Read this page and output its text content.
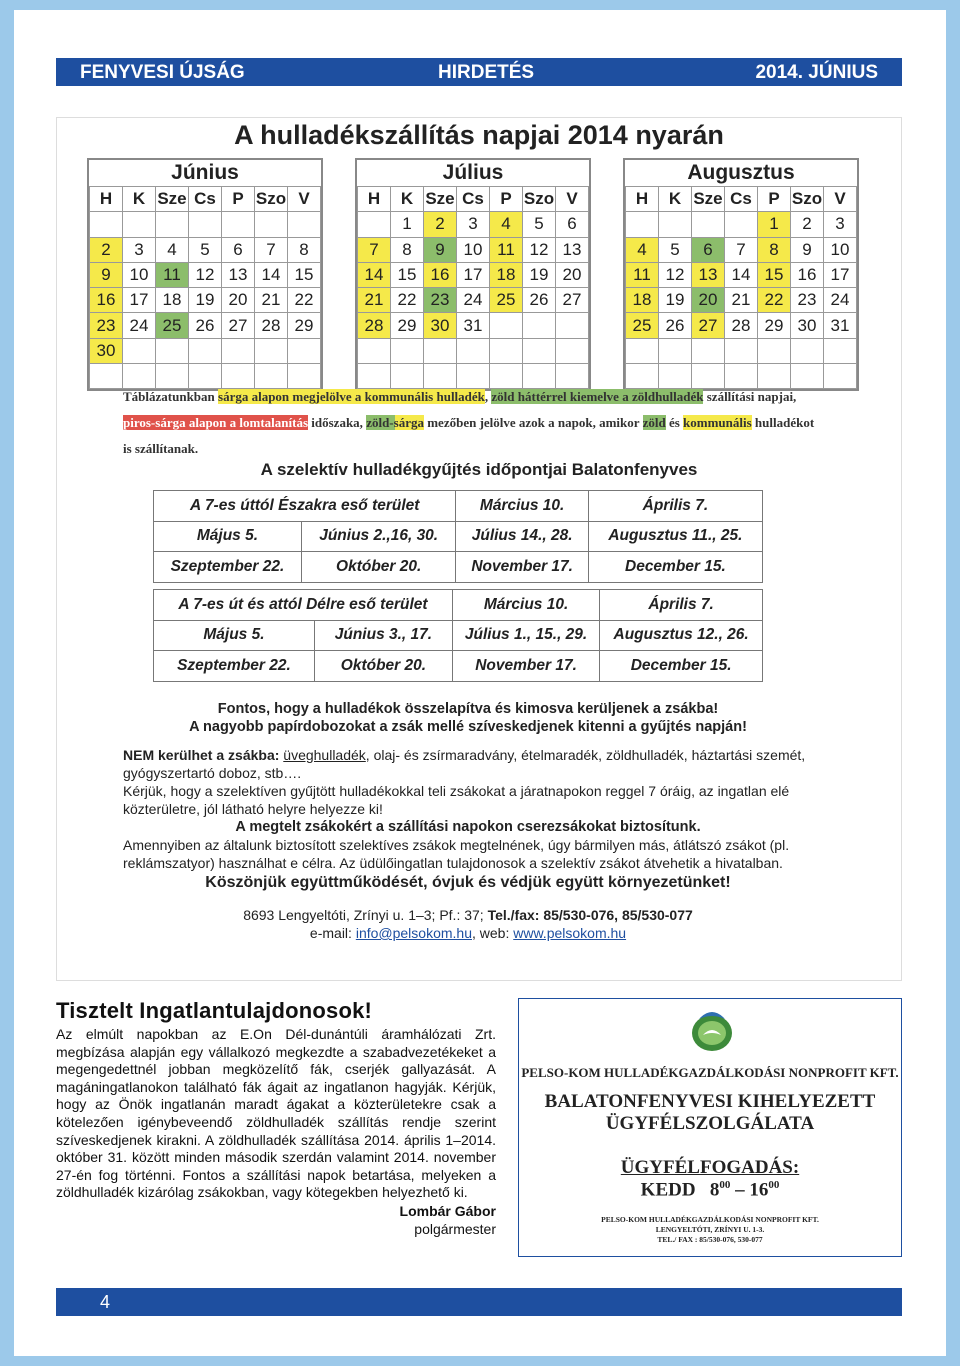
FENYVESI ÚJSÁG	HIRDETÉS	2014. JÚNIUS
A hulladékszállítás napjai 2014 nyarán
Június
H	K	Sze	Cs	P	Szo	V

2	3	4	5	6	7	8
9	10	11	12	13	14	15
16	17	18	19	20	21	22
23	24	25	26	27	28	29
30						

Július
H	K	Sze	Cs	P	Szo	V
	1	2	3	4	5	6
7	8	9	10	11	12	13
14	15	16	17	18	19	20
21	22	23	24	25	26	27
28	29	30	31			

Augusztus
H	K	Sze	Cs	P	Szo	V
				1	2	3
4	5	6	7	8	9	10
11	12	13	14	15	16	17
18	19	20	21	22	23	24
25	26	27	28	29	30	31

Táblázatunkban sárga alapon megjelölve a kommunális hulladék, zöld háttérrel kiemelve a zöldhulladék szállítási napjai, piros-sárga alapon a lomtalanítás időszaka, zöld-sárga mezőben jelölve azok a napok, amikor zöld és kommunális hulladékot is szállítanak.
A szelektív hulladékgyűjtés időpontjai Balatonfenyves
A 7-es úttól Északra eső terület		Március 10.	Április 7.
Május 5.	Június 2.,16, 30.	Július 14., 28.	Augusztus 11., 25.
Szeptember 22.	Október 20.	November 17.	December 15.
A 7-es út és attól Délre eső terület		Március 10.	Április 7.
Május 5.	Június 3., 17.	Július 1., 15., 29.	Augusztus 12., 26.
Szeptember 22.	Október 20.	November 17.	December 15.
Fontos, hogy a hulladékok összelapítva és kimosva kerüljenek a zsákba!
A nagyobb papírdobozokat a zsák mellé szíveskedjenek kitenni a gyűjtés napján!
NEM kerülhet a zsákba: üveghulladék, olaj- és zsírmaradvány, ételmaradék, zöldhulladék, háztartási szemét, gyógyszertartó doboz, stb….
Kérjük, hogy a szelektíven gyűjtött hulladékokkal teli zsákokat a járatnapokon reggel 7 óráig, az ingatlan elé közterületre, jól látható helyre helyezze ki!
A megtelt zsákokért a szállítási napokon cserezsákokat biztosítunk.
Amennyiben az általunk biztosított szelektíves zsákok megtelnének, úgy bármilyen más, átlátszó zsákot (pl. reklámszatyor) használhat e célra. Az üdülőingatlan tulajdonosok a szelektív zsákot átvehetik a hivatalban.
Köszönjük együttműködését, óvjuk és védjük együtt környezetünket!
8693 Lengyeltóti, Zrínyi u. 1–3; Pf.: 37; Tel./fax: 85/530-076, 85/530-077
e-mail: info@pelsokom.hu, web: www.pelsokom.hu
Tisztelt Ingatlantulajdonosok!
Az elmúlt napokban az E.On Dél-dunántúli áramhálózati Zrt. megbízása alapján egy vállalkozó megkezdte a szabadvezetékeket a megengedettnél jobban megközelítő fák, cserjék gallyazását. A magáningatlanokon található fák ágait az ingatlanon hagyják. Kérjük, hogy az Önök ingatlanán maradt ágakat a közterületekre csak a kötelezően igénybeveendő zöldhulladék szállítás rendje szerint szíveskedjenek kirakni. A zöldhulladék szállítása 2014. április 1–2014. október 31. között minden második szerdán valamint 2014. november 27-én fog történni. Fontos a szállítási napok betartása, melyeken a zöldhulladék kizárólag zsákokban, vagy kötegekben helyezhető ki.
Lombár Gábor
polgármester
PELSO-KOM HULLADÉKGAZDÁLKODÁSI NONPROFIT KFT.
BALATONFENYVESI KIHELYEZETT
ÜGYFÉLSZOLGÁLATA
ÜGYFÉLFOGADÁS:
KEDD $8^{00} - 16^{00}$
PELSO-KOM HULLADÉKGAZDÁLKODÁSI NONPROFIT KFT.
LENGYELTÓTI, ZRÍNYI U. 1-3.
TEL./ FAX : 85/530-076, 530-077
4
